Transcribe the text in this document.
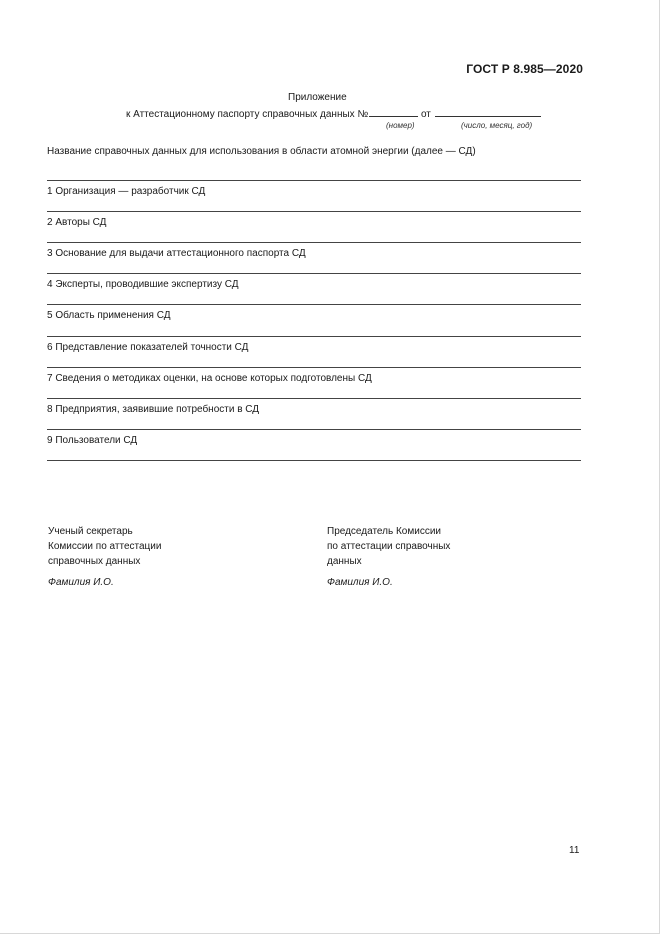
ГОСТ Р 8.985—2020
Приложение
к Аттестационному паспорту справочных данных №	от
(номер)	(число, месяц, год)
Название справочных данных для использования в области атомной энергии (далее — СД)
1 Организация — разработчик СД
2 Авторы СД
3 Основание для выдачи аттестационного паспорта СД
4 Эксперты, проводившие экспертизу СД
5 Область применения СД
6 Представление показателей точности СД
7 Сведения о методиках оценки, на основе которых подготовлены СД
8 Предприятия, заявившие потребности в СД
9 Пользователи СД
Ученый секретарь
Комиссии по аттестации
справочных данных
Фамилия И.О.
Председатель Комиссии
по аттестации справочных
данных
Фамилия И.О.
11
